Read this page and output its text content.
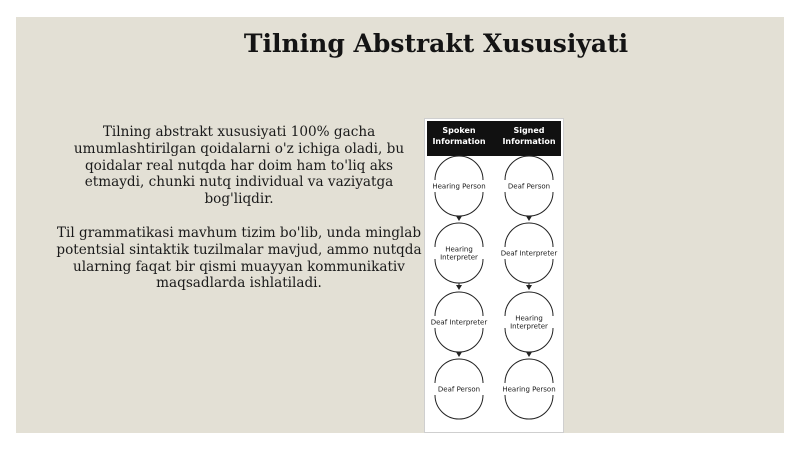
Tilning Abstrakt Xususiyati

Tilning abstrakt xususiyati 100% gacha umumlashtirilgan qoidalarni o'z ichiga oladi, bu qoidalar real nutqda har doim ham to'liq aks etmaydi, chunki nutq individual va vaziyatga bog'liqdir.

Til grammatikasi mavhum tizim bo'lib, unda minglab potentsial sintaktik tuzilmalar mavjud, ammo nutqda ularning faqat bir qismi muayyan kommunikativ maqsadlarda ishlatiladi.

Spoken
Information
Hearing Person
Hearing
Interpreter
Deaf Interpreter
Deaf Person
Signed
Information
Deaf Person
Deaf Interpreter
Hearing
Interpreter
Hearing Person
